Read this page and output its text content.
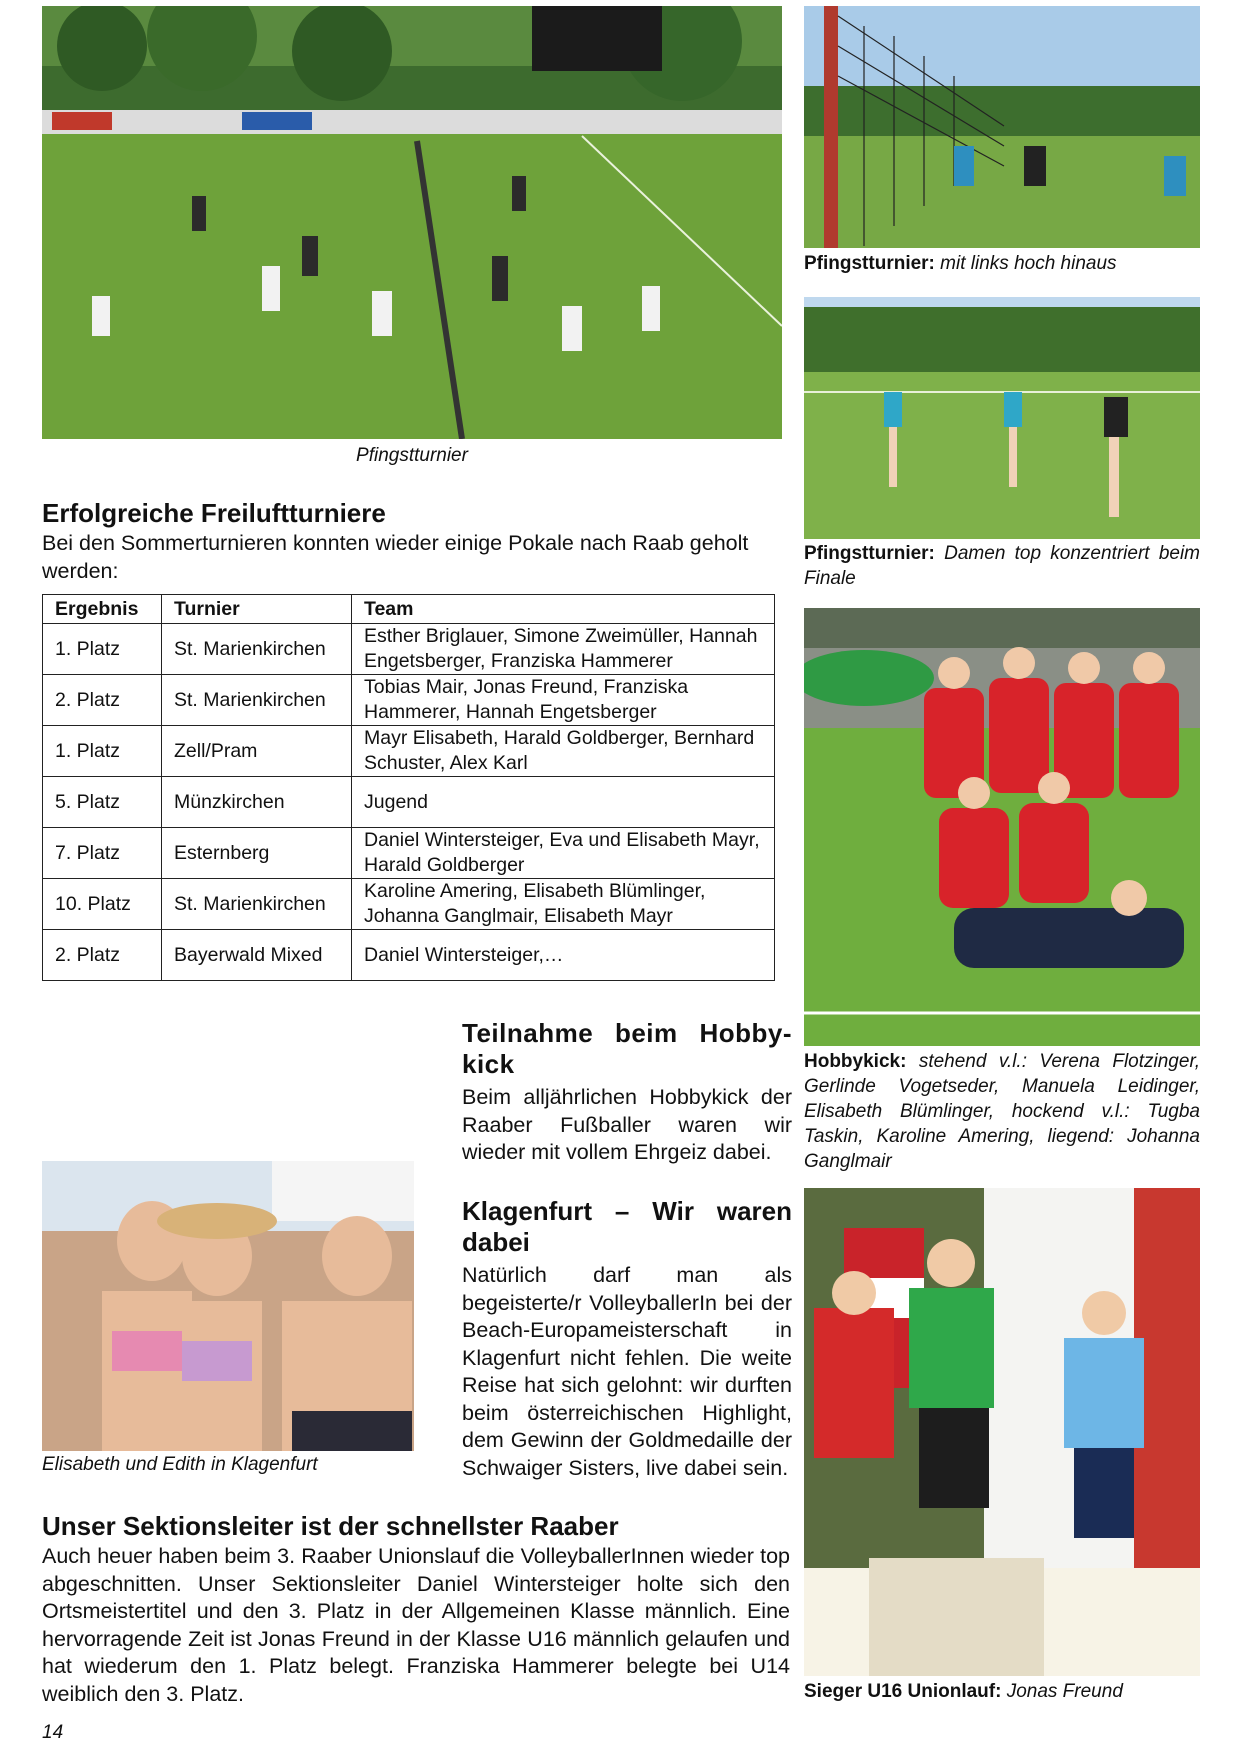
Pfingstturnier
Pfingstturnier: mit links hoch hinaus
Pfingstturnier: Damen top konzentriert beim Finale
Hobbykick: stehend v.l.: Verena Flotzinger, Gerlinde Vogetseder, Manuela Leidinger, Elisabeth Blümlinger, hockend v.l.: Tugba Taskin, Karoline Amering, liegend: Johanna Ganglmair
Sieger U16 Unionlauf: Jonas Freund
Elisabeth und Edith in Klagenfurt
Erfolgreiche Freiluftturniere
Bei den Sommerturnieren konnten wieder einige Pokale nach Raab geholt werden:
Ergebnis	Turnier	Team
1. Platz	St. Marienkirchen	Esther Briglauer, Simone Zweimüller, Hannah Engetsberger, Franziska Hammerer
2. Platz	St. Marienkirchen	Tobias Mair, Jonas Freund, Franziska Hammerer, Hannah Engetsberger
1. Platz	Zell/Pram	Mayr Elisabeth, Harald Goldberger, Bernhard Schuster, Alex Karl
5. Platz	Münzkirchen	Jugend
7. Platz	Esternberg	Daniel Wintersteiger, Eva und Elisabeth Mayr, Harald Goldberger
10. Platz	St. Marienkirchen	Karoline Amering, Elisabeth Blümlinger, Johanna Ganglmair, Elisabeth Mayr
2. Platz	Bayerwald Mixed	Daniel Wintersteiger,…
Teilnahme beim Hobby-kick
Beim alljährlichen Hobbykick der Raaber Fußballer waren wir wieder mit vollem Ehrgeiz dabei.
Klagenfurt – Wir waren dabei
Natürlich darf man als begeisterte/r VolleyballerIn bei der Beach-Europameisterschaft in Klagenfurt nicht fehlen. Die weite Reise hat sich gelohnt: wir durften beim österreichischen Highlight, dem Gewinn der Goldmedaille der Schwaiger Sisters, live dabei sein.
Unser Sektionsleiter ist der schnellster Raaber
Auch heuer haben beim 3. Raaber Unionslauf die VolleyballerInnen wieder top abgeschnitten. Unser Sektionsleiter Daniel Wintersteiger holte sich den Ortsmeistertitel und den 3. Platz in der Allgemeinen Klasse männlich. Eine hervorragende Zeit ist Jonas Freund in der Klasse U16 männlich gelaufen und hat wiederum den 1. Platz belegt. Franziska Hammerer belegte bei U14 weiblich den 3. Platz.
14
